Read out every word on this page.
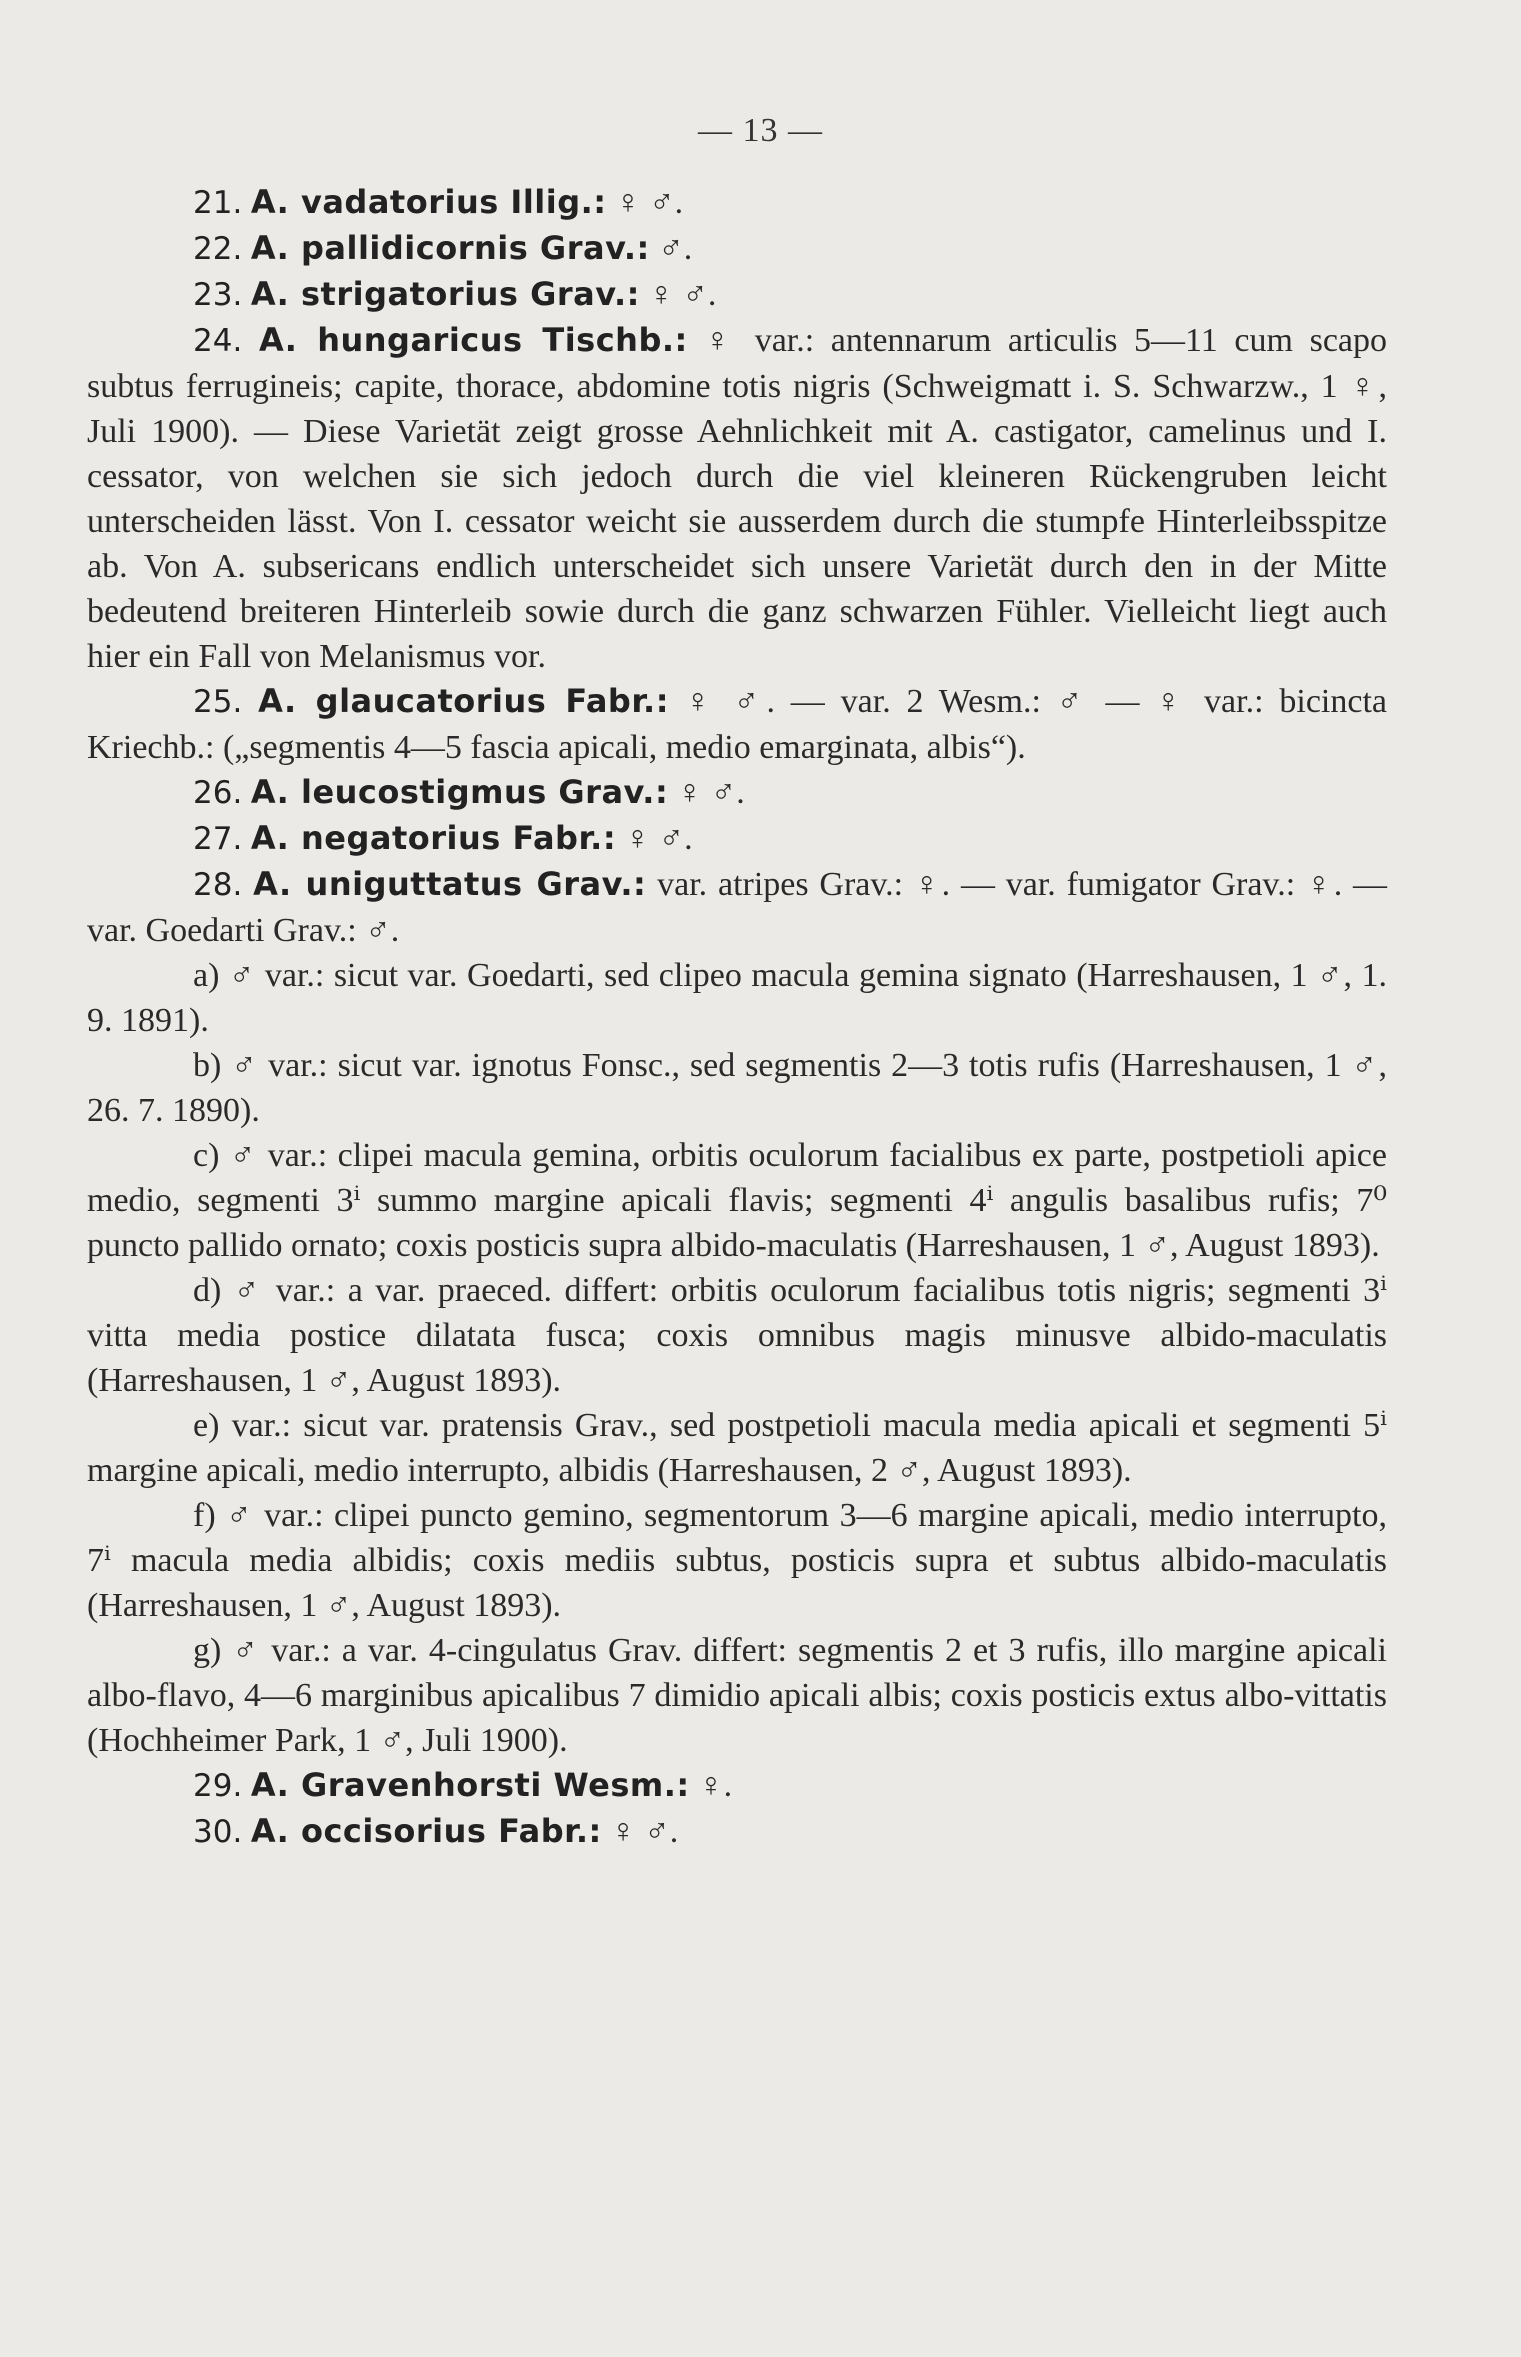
— 13 —

21. A. vadatorius Illig.: ♀ ♂.

22. A. pallidicornis Grav.: ♂.

23. A. strigatorius Grav.: ♀ ♂.

24. A. hungaricus Tischb.: ♀ var.: antennarum articulis 5—11 cum scapo subtus ferrugineis; capite, thorace, abdomine totis nigris (Schweigmatt i. S. Schwarzw., 1 ♀, Juli 1900). — Diese Varietät zeigt grosse Aehnlichkeit mit A. castigator, camelinus und I. cessator, von welchen sie sich jedoch durch die viel kleineren Rückengruben leicht unterscheiden lässt. Von I. cessator weicht sie ausserdem durch die stumpfe Hinterleibsspitze ab. Von A. subsericans endlich unterscheidet sich unsere Varietät durch den in der Mitte bedeutend breiteren Hinterleib sowie durch die ganz schwarzen Fühler. Vielleicht liegt auch hier ein Fall von Melanismus vor.

25. A. glaucatorius Fabr.: ♀ ♂. — var. 2 Wesm.: ♂ — ♀ var.: bicincta Kriechb.: („segmentis 4—5 fascia apicali, medio emarginata, albis“).

26. A. leucostigmus Grav.: ♀ ♂.

27. A. negatorius Fabr.: ♀ ♂.

28. A. uniguttatus Grav.: var. atripes Grav.: ♀. — var. fumigator Grav.: ♀. — var. Goedarti Grav.: ♂.

a) ♂ var.: sicut var. Goedarti, sed clipeo macula gemina signato (Harreshausen, 1 ♂, 1. 9. 1891).

b) ♂ var.: sicut var. ignotus Fonsc., sed segmentis 2—3 totis rufis (Harreshausen, 1 ♂, 26. 7. 1890).

c) ♂ var.: clipei macula gemina, orbitis oculorum facialibus ex parte, postpetioli apice medio, segmenti 3ⁱ summo margine apicali flavis; segmenti 4ⁱ angulis basalibus rufis; 7⁰ puncto pallido ornato; coxis posticis supra albido-maculatis (Harreshausen, 1 ♂, August 1893).

d) ♂ var.: a var. praeced. differt: orbitis oculorum facialibus totis nigris; segmenti 3ⁱ vitta media postice dilatata fusca; coxis omnibus magis minusve albido-maculatis (Harreshausen, 1 ♂, August 1893).

e) var.: sicut var. pratensis Grav., sed postpetioli macula media apicali et segmenti 5ⁱ margine apicali, medio interrupto, albidis (Harreshausen, 2 ♂, August 1893).

f) ♂ var.: clipei puncto gemino, segmentorum 3—6 margine apicali, medio interrupto, 7ⁱ macula media albidis; coxis mediis subtus, posticis supra et subtus albido-maculatis (Harreshausen, 1 ♂, August 1893).

g) ♂ var.: a var. 4-cingulatus Grav. differt: segmentis 2 et 3 rufis, illo margine apicali albo-flavo, 4—6 marginibus apicalibus 7 dimidio apicali albis; coxis posticis extus albo-vittatis (Hochheimer Park, 1 ♂, Juli 1900).

29. A. Gravenhorsti Wesm.: ♀.

30. A. occisorius Fabr.: ♀ ♂.
